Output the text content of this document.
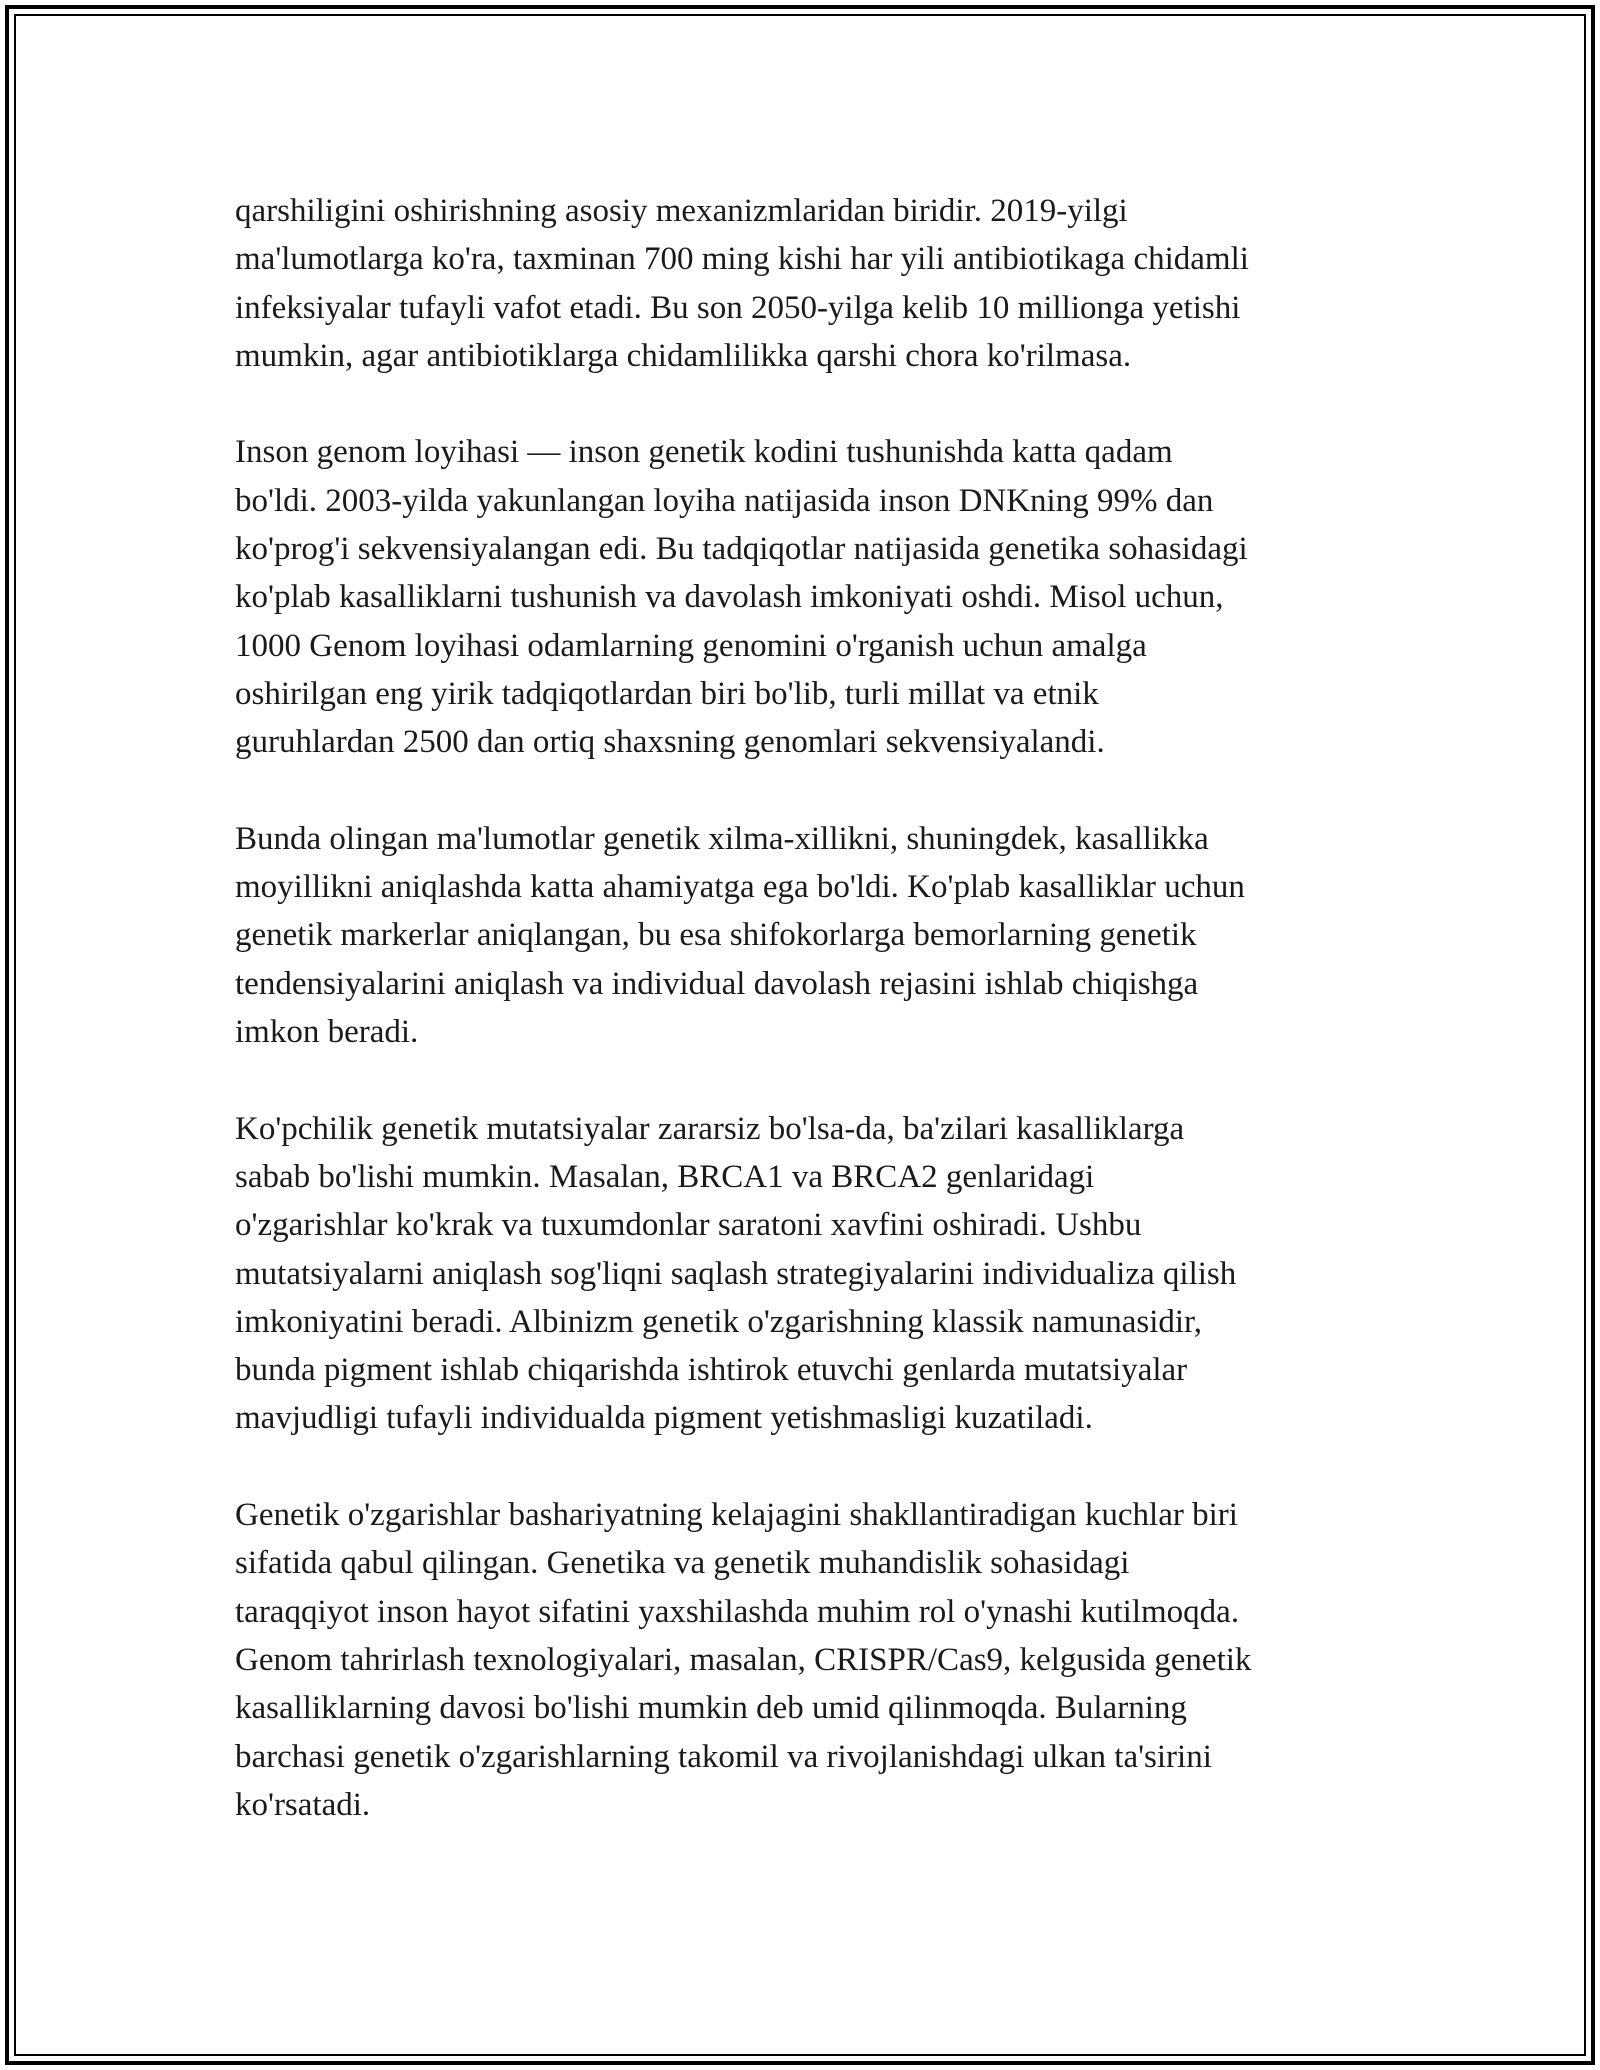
qarshiligini oshirishning asosiy mexanizmlaridan biridir. 2019-yilgi
ma'lumotlarga ko'ra, taxminan 700 ming kishi har yili antibiotikaga chidamli
infeksiyalar tufayli vafot etadi. Bu son 2050-yilga kelib 10 millionga yetishi
mumkin, agar antibiotiklarga chidamlilikka qarshi chora ko'rilmasa.

Inson genom loyihasi — inson genetik kodini tushunishda katta qadam
bo'ldi. 2003-yilda yakunlangan loyiha natijasida inson DNKning 99% dan
ko'prog'i sekvensiyalangan edi. Bu tadqiqotlar natijasida genetika sohasidagi
ko'plab kasalliklarni tushunish va davolash imkoniyati oshdi. Misol uchun,
1000 Genom loyihasi odamlarning genomini o'rganish uchun amalga
oshirilgan eng yirik tadqiqotlardan biri bo'lib, turli millat va etnik
guruhlardan 2500 dan ortiq shaxsning genomlari sekvensiyalandi.

Bunda olingan ma'lumotlar genetik xilma-xillikni, shuningdek, kasallikka
moyillikni aniqlashda katta ahamiyatga ega bo'ldi. Ko'plab kasalliklar uchun
genetik markerlar aniqlangan, bu esa shifokorlarga bemorlarning genetik
tendensiyalarini aniqlash va individual davolash rejasini ishlab chiqishga
imkon beradi.

Ko'pchilik genetik mutatsiyalar zararsiz bo'lsa-da, ba'zilari kasalliklarga
sabab bo'lishi mumkin. Masalan, BRCA1 va BRCA2 genlaridagi
o'zgarishlar ko'krak va tuxumdonlar saratoni xavfini oshiradi. Ushbu
mutatsiyalarni aniqlash sog'liqni saqlash strategiyalarini individualiza qilish
imkoniyatini beradi. Albinizm genetik o'zgarishning klassik namunasidir,
bunda pigment ishlab chiqarishda ishtirok etuvchi genlarda mutatsiyalar
mavjudligi tufayli individualda pigment yetishmasligi kuzatiladi.

Genetik o'zgarishlar bashariyatning kelajagini shakllantiradigan kuchlar biri
sifatida qabul qilingan. Genetika va genetik muhandislik sohasidagi
taraqqiyot inson hayot sifatini yaxshilashda muhim rol o'ynashi kutilmoqda.
Genom tahrirlash texnologiyalari, masalan, CRISPR/Cas9, kelgusida genetik
kasalliklarning davosi bo'lishi mumkin deb umid qilinmoqda. Bularning
barchasi genetik o'zgarishlarning takomil va rivojlanishdagi ulkan ta'sirini
ko'rsatadi.
